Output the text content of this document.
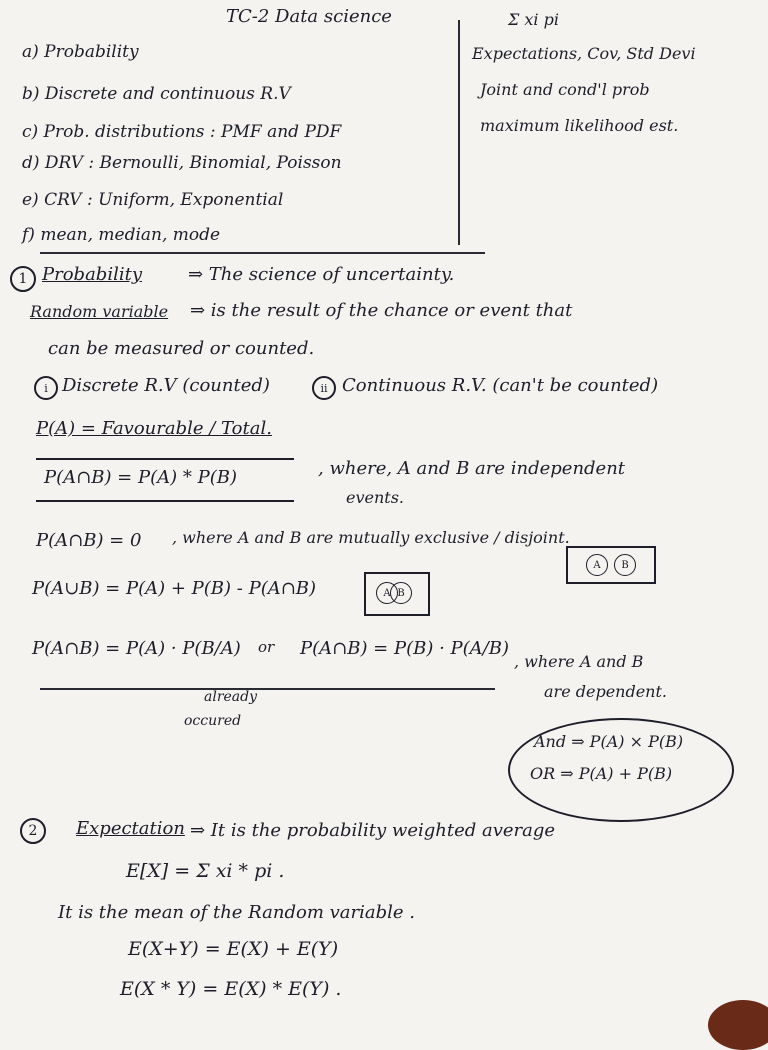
TC-2 Data science
a) Probability
b) Discrete and continuous R.V
c) Prob. distributions : PMF and PDF
d) DRV : Bernoulli, Binomial, Poisson
e) CRV : Uniform, Exponential
f) mean, median, mode
Σ xi pi
Expectations, Cov, Std Devi
Joint and cond'l prob
maximum likelihood est.
1 Probability	⇒ The science of uncertainty.
Random variable ⇒ is the result of the chance or event that
can be measured or counted.
i Discrete R.V (counted)	ii Continuous R.V. (can't be counted)
P(A) = Favourable / Total.
P(A∩B) = P(A) * P(B)	, where, A and B are independent
events.
P(A∩B) = 0 , where A and B are mutually exclusive / disjoint.
A	B
P(A∪B) = P(A) + P(B) - P(A∩B)	A B
P(A∩B) = P(A) · P(B/A) or P(A∩B) = P(B) · P(A/B)
, where A and B
are dependent.
already
occured
And ⇒ P(A) × P(B)
OR ⇒ P(A) + P(B)
2	Expectation ⇒ It is the probability weighted average
E[X] = Σ xi * pi .
It is the mean of the Random variable .
E(X+Y) = E(X) + E(Y)
E(X * Y) = E(X) * E(Y) .
